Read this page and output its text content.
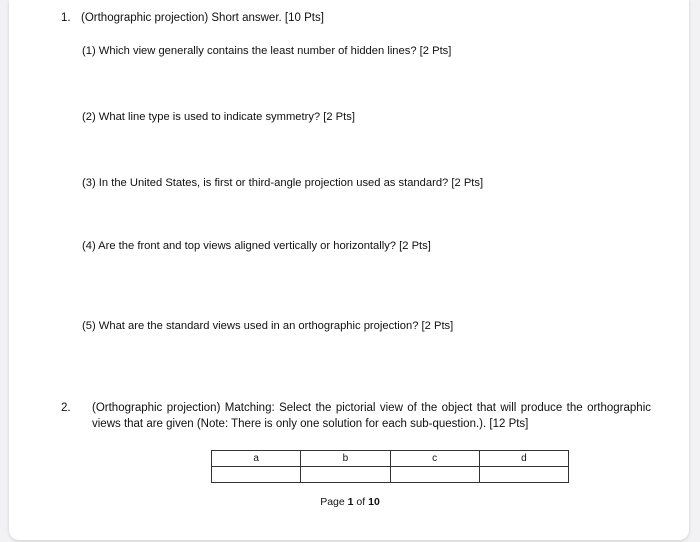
1. (Orthographic projection) Short answer. [10 Pts]
(1) Which view generally contains the least number of hidden lines? [2 Pts]
(2) What line type is used to indicate symmetry? [2 Pts]
(3) In the United States, is first or third-angle projection used as standard? [2 Pts]
(4) Are the front and top views aligned vertically or horizontally? [2 Pts]
(5) What are the standard views used in an orthographic projection? [2 Pts]
2. (Orthographic projection) Matching: Select the pictorial view of the object that will produce the orthographic views that are given (Note: There is only one solution for each sub-question.). [12 Pts]
a	b	c	d

Page 1 of 10
